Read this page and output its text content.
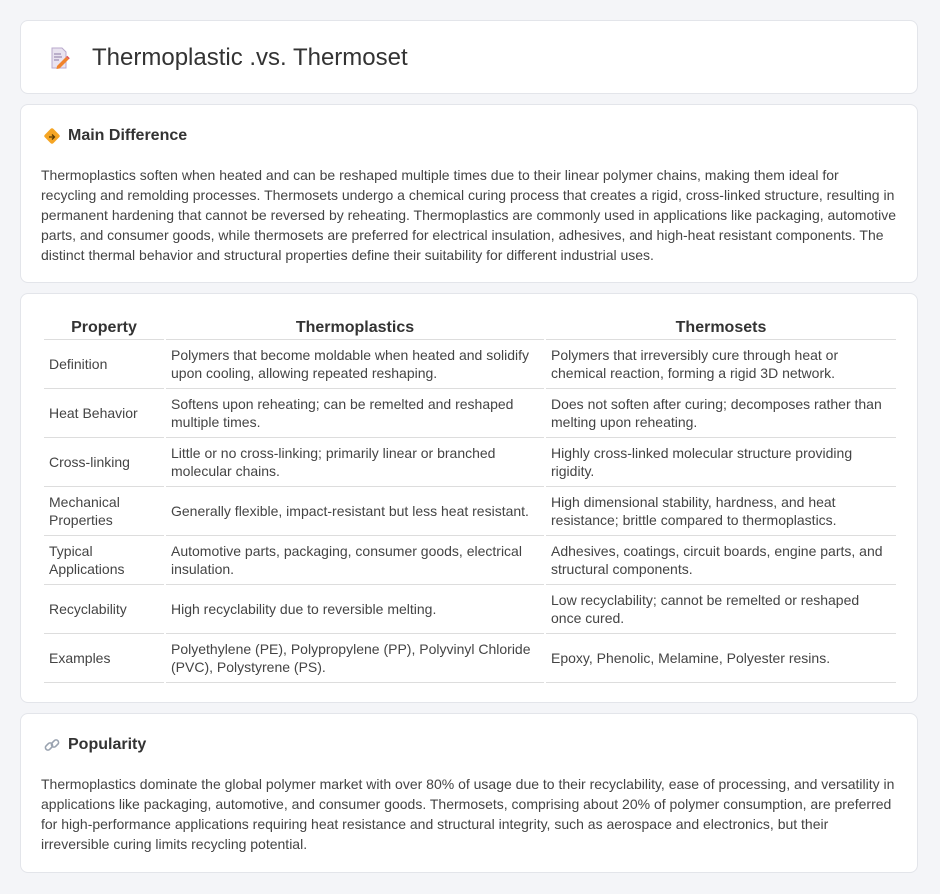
Thermoplastic .vs. Thermoset
Main Difference

Thermoplastics soften when heated and can be reshaped multiple times due to their linear polymer chains, making them ideal for recycling and remolding processes. Thermosets undergo a chemical curing process that creates a rigid, cross-linked structure, resulting in permanent hardening that cannot be reversed by reheating. Thermoplastics are commonly used in applications like packaging, automotive parts, and consumer goods, while thermosets are preferred for electrical insulation, adhesives, and high-heat resistant components. The distinct thermal behavior and structural properties define their suitability for different industrial uses.

Property	Thermoplastics	Thermosets
Definition	Polymers that become moldable when heated and solidify upon cooling, allowing repeated reshaping.	Polymers that irreversibly cure through heat or chemical reaction, forming a rigid 3D network.
Heat Behavior	Softens upon reheating; can be remelted and reshaped multiple times.	Does not soften after curing; decomposes rather than melting upon reheating.
Cross-linking	Little or no cross-linking; primarily linear or branched molecular chains.	Highly cross-linked molecular structure providing rigidity.
Mechanical Properties	Generally flexible, impact-resistant but less heat resistant.	High dimensional stability, hardness, and heat resistance; brittle compared to thermoplastics.
Typical Applications	Automotive parts, packaging, consumer goods, electrical insulation.	Adhesives, coatings, circuit boards, engine parts, and structural components.
Recyclability	High recyclability due to reversible melting.	Low recyclability; cannot be remelted or reshaped once cured.
Examples	Polyethylene (PE), Polypropylene (PP), Polyvinyl Chloride (PVC), Polystyrene (PS).	Epoxy, Phenolic, Melamine, Polyester resins.
Popularity

Thermoplastics dominate the global polymer market with over 80% of usage due to their recyclability, ease of processing, and versatility in applications like packaging, automotive, and consumer goods. Thermosets, comprising about 20% of polymer consumption, are preferred for high-performance applications requiring heat resistance and structural integrity, such as aerospace and electronics, but their irreversible curing limits recycling potential.
